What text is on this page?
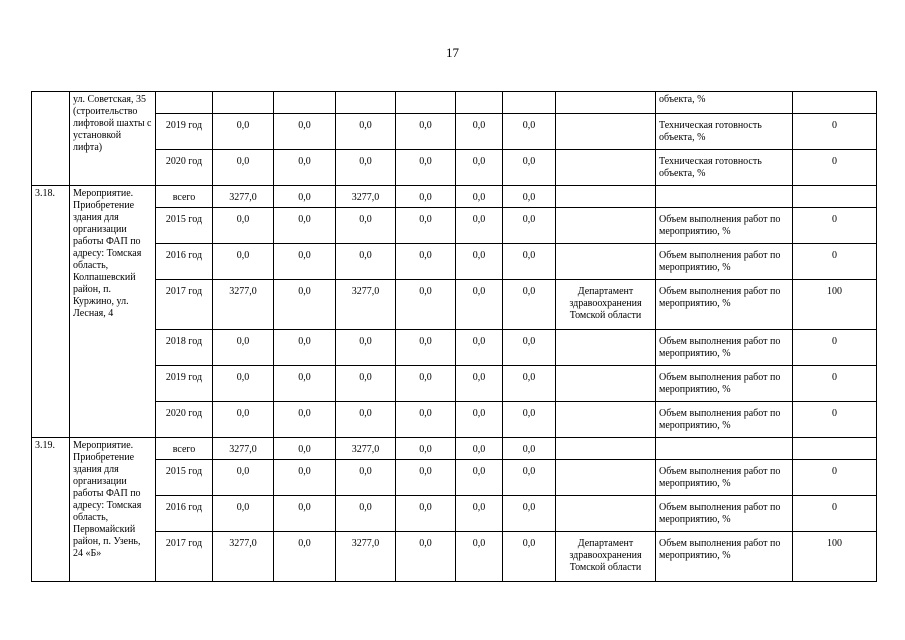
17
	ул. Советская, 35 (строительство лифтовой шахты с установкой лифта)									объекта, %	
		2019 год	0,0	0,0	0,0	0,0	0,0	0,0		Техническая готовность объекта, %	0
		2020 год	0,0	0,0	0,0	0,0	0,0	0,0		Техническая готовность объекта, %	0
3.18.	Мероприятие. Приобретение здания для организации работы ФАП по адресу: Томская область, Колпашевский район, п. Куржино, ул. Лесная, 4	всего	3277,0	0,0	3277,0	0,0	0,0	0,0			
		2015 год	0,0	0,0	0,0	0,0	0,0	0,0		Объем выполнения работ по мероприятию, %	0
		2016 год	0,0	0,0	0,0	0,0	0,0	0,0		Объем выполнения работ по мероприятию, %	0
		2017 год	3277,0	0,0	3277,0	0,0	0,0	0,0	Департамент здравоохранения Томской области	Объем выполнения работ по мероприятию, %	100
		2018 год	0,0	0,0	0,0	0,0	0,0	0,0		Объем выполнения работ по мероприятию, %	0
		2019 год	0,0	0,0	0,0	0,0	0,0	0,0		Объем выполнения работ по мероприятию, %	0
		2020 год	0,0	0,0	0,0	0,0	0,0	0,0		Объем выполнения работ по мероприятию, %	0
3.19.	Мероприятие. Приобретение здания для организации работы ФАП по адресу: Томская область, Первомайский район, п. Узень, 24 «Б»	всего	3277,0	0,0	3277,0	0,0	0,0	0,0			
		2015 год	0,0	0,0	0,0	0,0	0,0	0,0		Объем выполнения работ по мероприятию, %	0
		2016 год	0,0	0,0	0,0	0,0	0,0	0,0		Объем выполнения работ по мероприятию, %	0
		2017 год	3277,0	0,0	3277,0	0,0	0,0	0,0	Департамент здравоохранения Томской области	Объем выполнения работ по мероприятию, %	100
